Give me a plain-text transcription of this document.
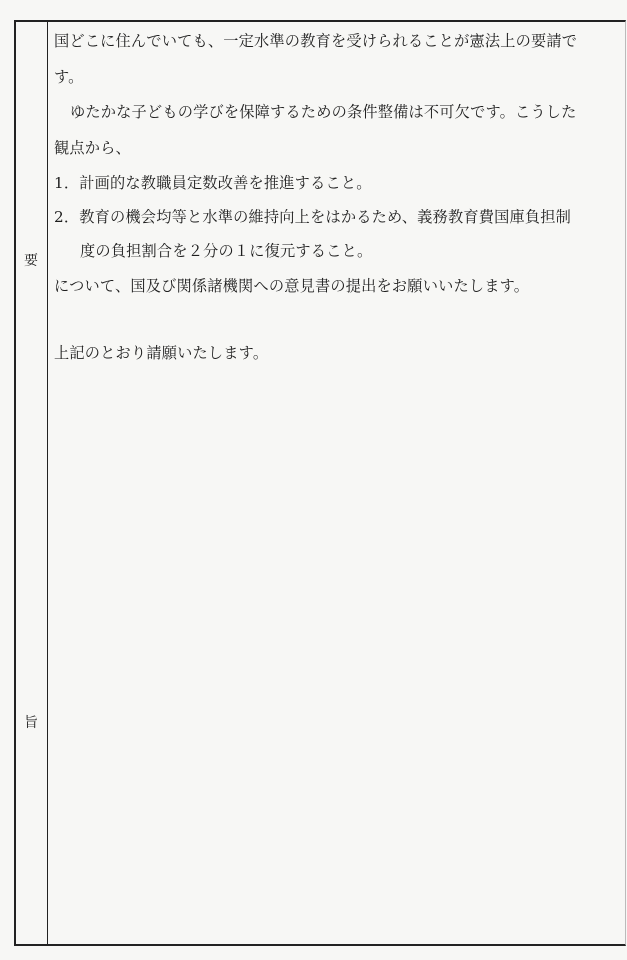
要
旨
国どこに住んでいても、一定水準の教育を受けられることが憲法上の要請で
す。
ゆたかな子どもの学びを保障するための条件整備は不可欠です。こうした
観点から、
1．計画的な教職員定数改善を推進すること。
2．教育の機会均等と水準の維持向上をはかるため、義務教育費国庫負担制
度の負担割合を２分の１に復元すること。
について、国及び関係諸機関への意見書の提出をお願いいたします。
上記のとおり請願いたします。
